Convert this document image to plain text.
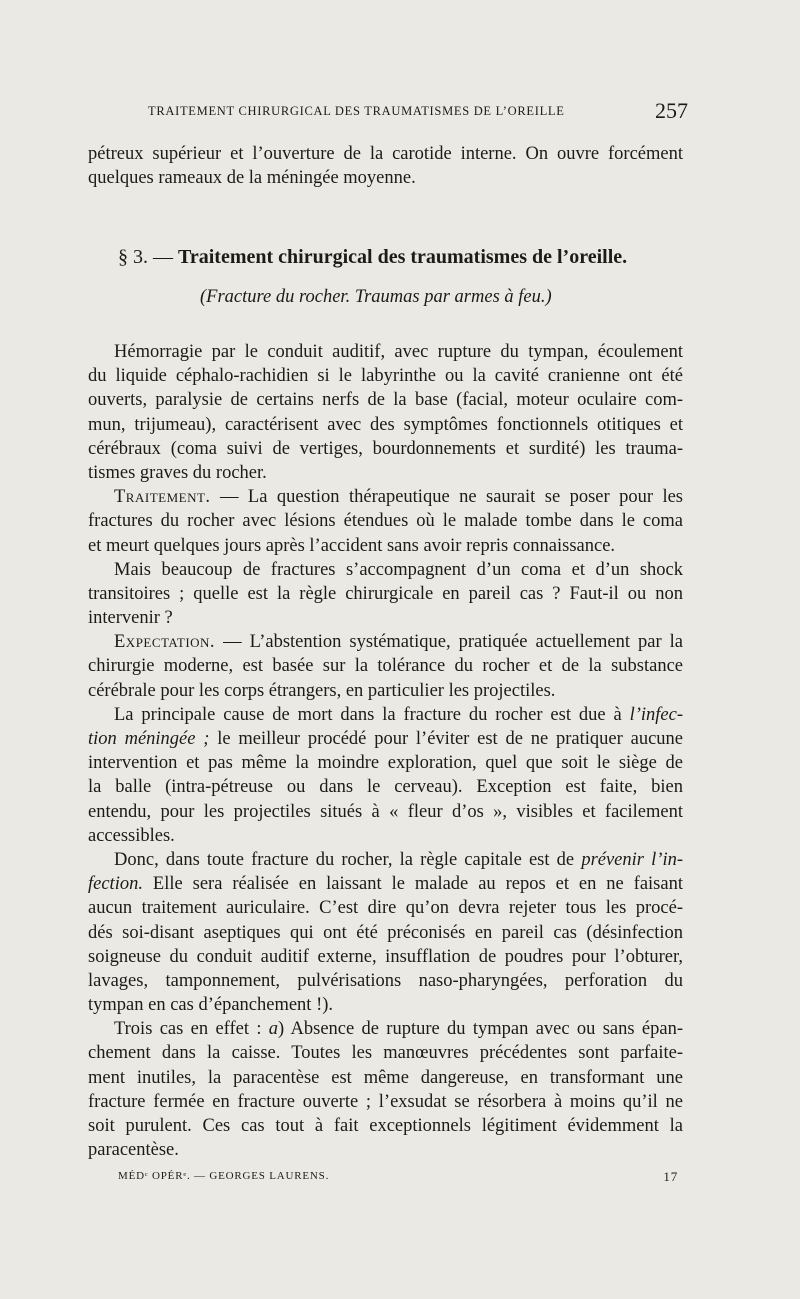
TRAITEMENT CHIRURGICAL DES TRAUMATISMES DE L’OREILLE	257
pétreux supérieur et l’ouverture de la carotide interne. On ouvre forcément
quelques rameaux de la méningée moyenne.
§ 3. — Traitement chirurgical des traumatismes de l’oreille.
(Fracture du rocher. Traumas par armes à feu.)
Hémorragie par le conduit auditif, avec rupture du tympan, écoulement
du liquide céphalo-rachidien si le labyrinthe ou la cavité cranienne ont été
ouverts, paralysie de certains nerfs de la base (facial, moteur oculaire com-
mun, trijumeau), caractérisent avec des symptômes fonctionnels otitiques et
cérébraux (coma suivi de vertiges, bourdonnements et surdité) les trauma-
tismes graves du rocher.
Traitement. — La question thérapeutique ne saurait se poser pour les
fractures du rocher avec lésions étendues où le malade tombe dans le coma
et meurt quelques jours après l’accident sans avoir repris connaissance.
Mais beaucoup de fractures s’accompagnent d’un coma et d’un shock
transitoires ; quelle est la règle chirurgicale en pareil cas ? Faut-il ou non
intervenir ?
Expectation. — L’abstention systématique, pratiquée actuellement par la
chirurgie moderne, est basée sur la tolérance du rocher et de la substance
cérébrale pour les corps étrangers, en particulier les projectiles.
La principale cause de mort dans la fracture du rocher est due à l’infec-
tion méningée ; le meilleur procédé pour l’éviter est de ne pratiquer aucune
intervention et pas même la moindre exploration, quel que soit le siège de
la balle (intra-pétreuse ou dans le cerveau). Exception est faite, bien
entendu, pour les projectiles situés à « fleur d’os », visibles et facilement
accessibles.
Donc, dans toute fracture du rocher, la règle capitale est de prévenir l’in-
fection. Elle sera réalisée en laissant le malade au repos et en ne faisant
aucun traitement auriculaire. C’est dire qu’on devra rejeter tous les procé-
dés soi-disant aseptiques qui ont été préconisés en pareil cas (désinfection
soigneuse du conduit auditif externe, insufflation de poudres pour l’obturer,
lavages, tamponnement, pulvérisations naso-pharyngées, perforation du
tympan en cas d’épanchement !).
Trois cas en effet : a) Absence de rupture du tympan avec ou sans épan-
chement dans la caisse. Toutes les manœuvres précédentes sont parfaite-
ment inutiles, la paracentèse est même dangereuse, en transformant une
fracture fermée en fracture ouverte ; l’exsudat se résorbera à moins qu’il ne
soit purulent. Ces cas tout à fait exceptionnels légitiment évidemment la
paracentèse.
MÉDᶜ OPÉRᵉ. — GEORGES LAURENS.	17
